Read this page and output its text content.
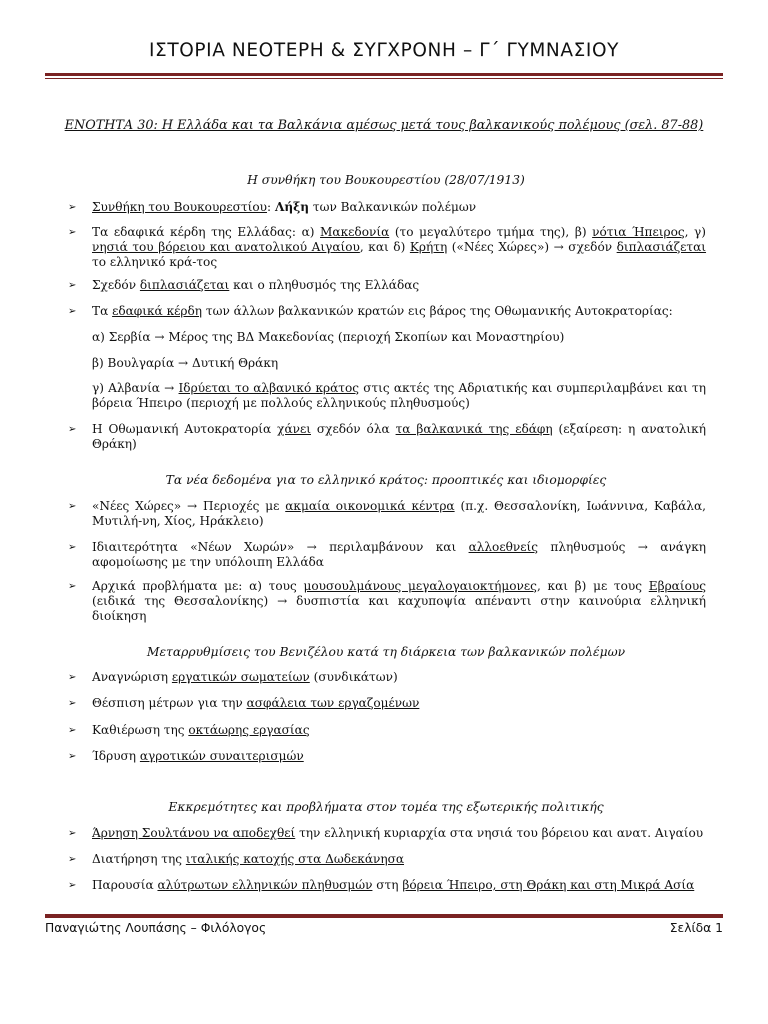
ΙΣΤΟΡΙΑ ΝΕΟΤΕΡΗ & ΣΥΓΧΡΟΝΗ – Γ΄ ΓΥΜΝΑΣΙΟΥ
ΕΝΟΤΗΤΑ 30: Η Ελλάδα και τα Βαλκάνια αμέσως μετά τους βαλκανικούς πολέμους (σελ. 87-88)
Η συνθήκη του Βουκουρεστίου (28/07/1913)
➢ Συνθήκη του Βουκουρεστίου: Λήξη των Βαλκανικών πολέμων
➢ Τα εδαφικά κέρδη της Ελλάδας: α) Μακεδονία (το μεγαλύτερο τμήμα της), β) νότια Ήπειρος, γ) νησιά του βόρειου και ανατολικού Αιγαίου, και δ) Κρήτη («Νέες Χώρες») → σχεδόν διπλασιάζεται το ελληνικό κρά-τος
➢ Σχεδόν διπλασιάζεται και ο πληθυσμός της Ελλάδας
➢ Τα εδαφικά κέρδη των άλλων βαλκανικών κρατών εις βάρος της Οθωμανικής Αυτοκρατορίας:
α) Σερβία → Μέρος της ΒΔ Μακεδονίας (περιοχή Σκοπίων και Μοναστηρίου)
β) Βουλγαρία → Δυτική Θράκη
γ) Αλβανία → Ιδρύεται το αλβανικό κράτος στις ακτές της Αδριατικής και συμπεριλαμβάνει και τη βόρεια Ήπειρο (περιοχή με πολλούς ελληνικούς πληθυσμούς)
➢ Η Οθωμανική Αυτοκρατορία χάνει σχεδόν όλα τα βαλκανικά της εδάφη (εξαίρεση: η ανατολική Θράκη)
Τα νέα δεδομένα για το ελληνικό κράτος: προοπτικές και ιδιομορφίες
➢ «Νέες Χώρες» → Περιοχές με ακμαία οικονομικά κέντρα (π.χ. Θεσσαλονίκη, Ιωάννινα, Καβάλα, Μυτιλή-νη, Χίος, Ηράκλειο)
➢ Ιδιαιτερότητα «Νέων Χωρών» → περιλαμβάνουν και αλλοεθνείς πληθυσμούς → ανάγκη αφομοίωσης με την υπόλοιπη Ελλάδα
➢ Αρχικά προβλήματα με: α) τους μουσουλμάνους μεγαλογαιοκτήμονες, και β) με τους Εβραίους (ειδικά της Θεσσαλονίκης) → δυσπιστία και καχυποψία απέναντι στην καινούρια ελληνική διοίκηση
Μεταρρυθμίσεις του Βενιζέλου κατά τη διάρκεια των βαλκανικών πολέμων
➢ Αναγνώριση εργατικών σωματείων (συνδικάτων)
➢ Θέσπιση μέτρων για την ασφάλεια των εργαζομένων
➢ Καθιέρωση της οκτάωρης εργασίας
➢ Ίδρυση αγροτικών συναιτερισμών
Εκκρεμότητες και προβλήματα στον τομέα της εξωτερικής πολιτικής
➢ Άρνηση Σουλτάνου να αποδεχθεί την ελληνική κυριαρχία στα νησιά του βόρειου και ανατ. Αιγαίου
➢ Διατήρηση της ιταλικής κατοχής στα Δωδεκάνησα
➢ Παρουσία αλύτρωτων ελληνικών πληθυσμών στη βόρεια Ήπειρο, στη Θράκη και στη Μικρά Ασία
Παναγιώτης Λουπάσης – Φιλόλογος	Σελίδα 1
